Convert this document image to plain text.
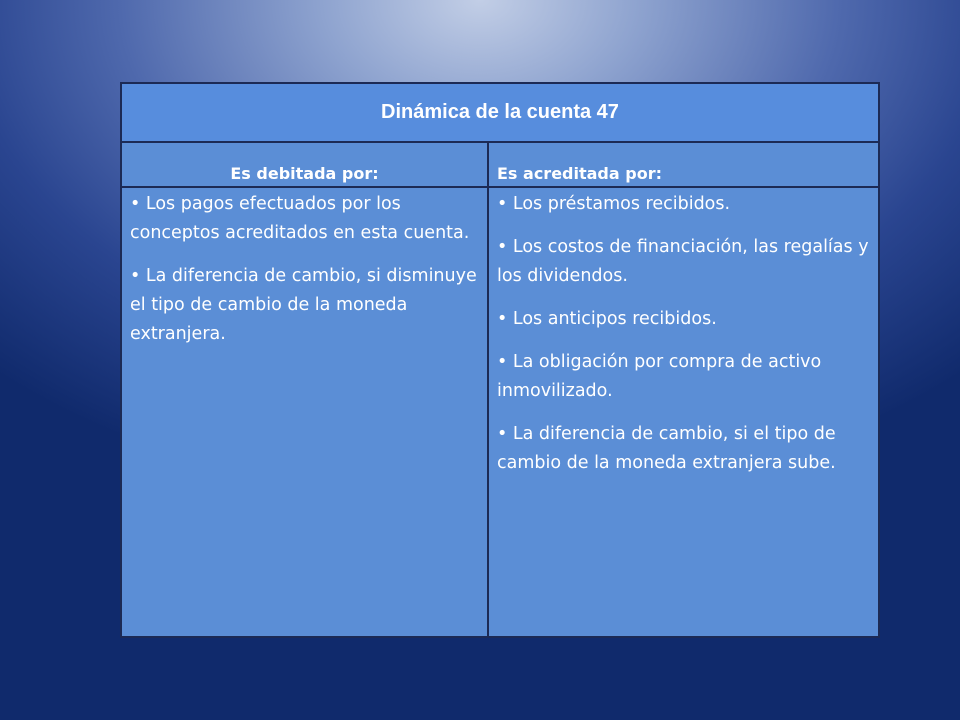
Dinámica de la cuenta 47
Es debitada por:	Es acreditada por:

• Los pagos efectuados por los conceptos acreditados en esta cuenta.

• La diferencia de cambio, si disminuye el tipo de cambio de la moneda extranjera.

• Los préstamos recibidos.

• Los costos de financiación, las regalías y los dividendos.

• Los anticipos recibidos.

• La obligación por compra de activo inmovilizado.

• La diferencia de cambio, si el tipo de cambio de la moneda extranjera sube.
